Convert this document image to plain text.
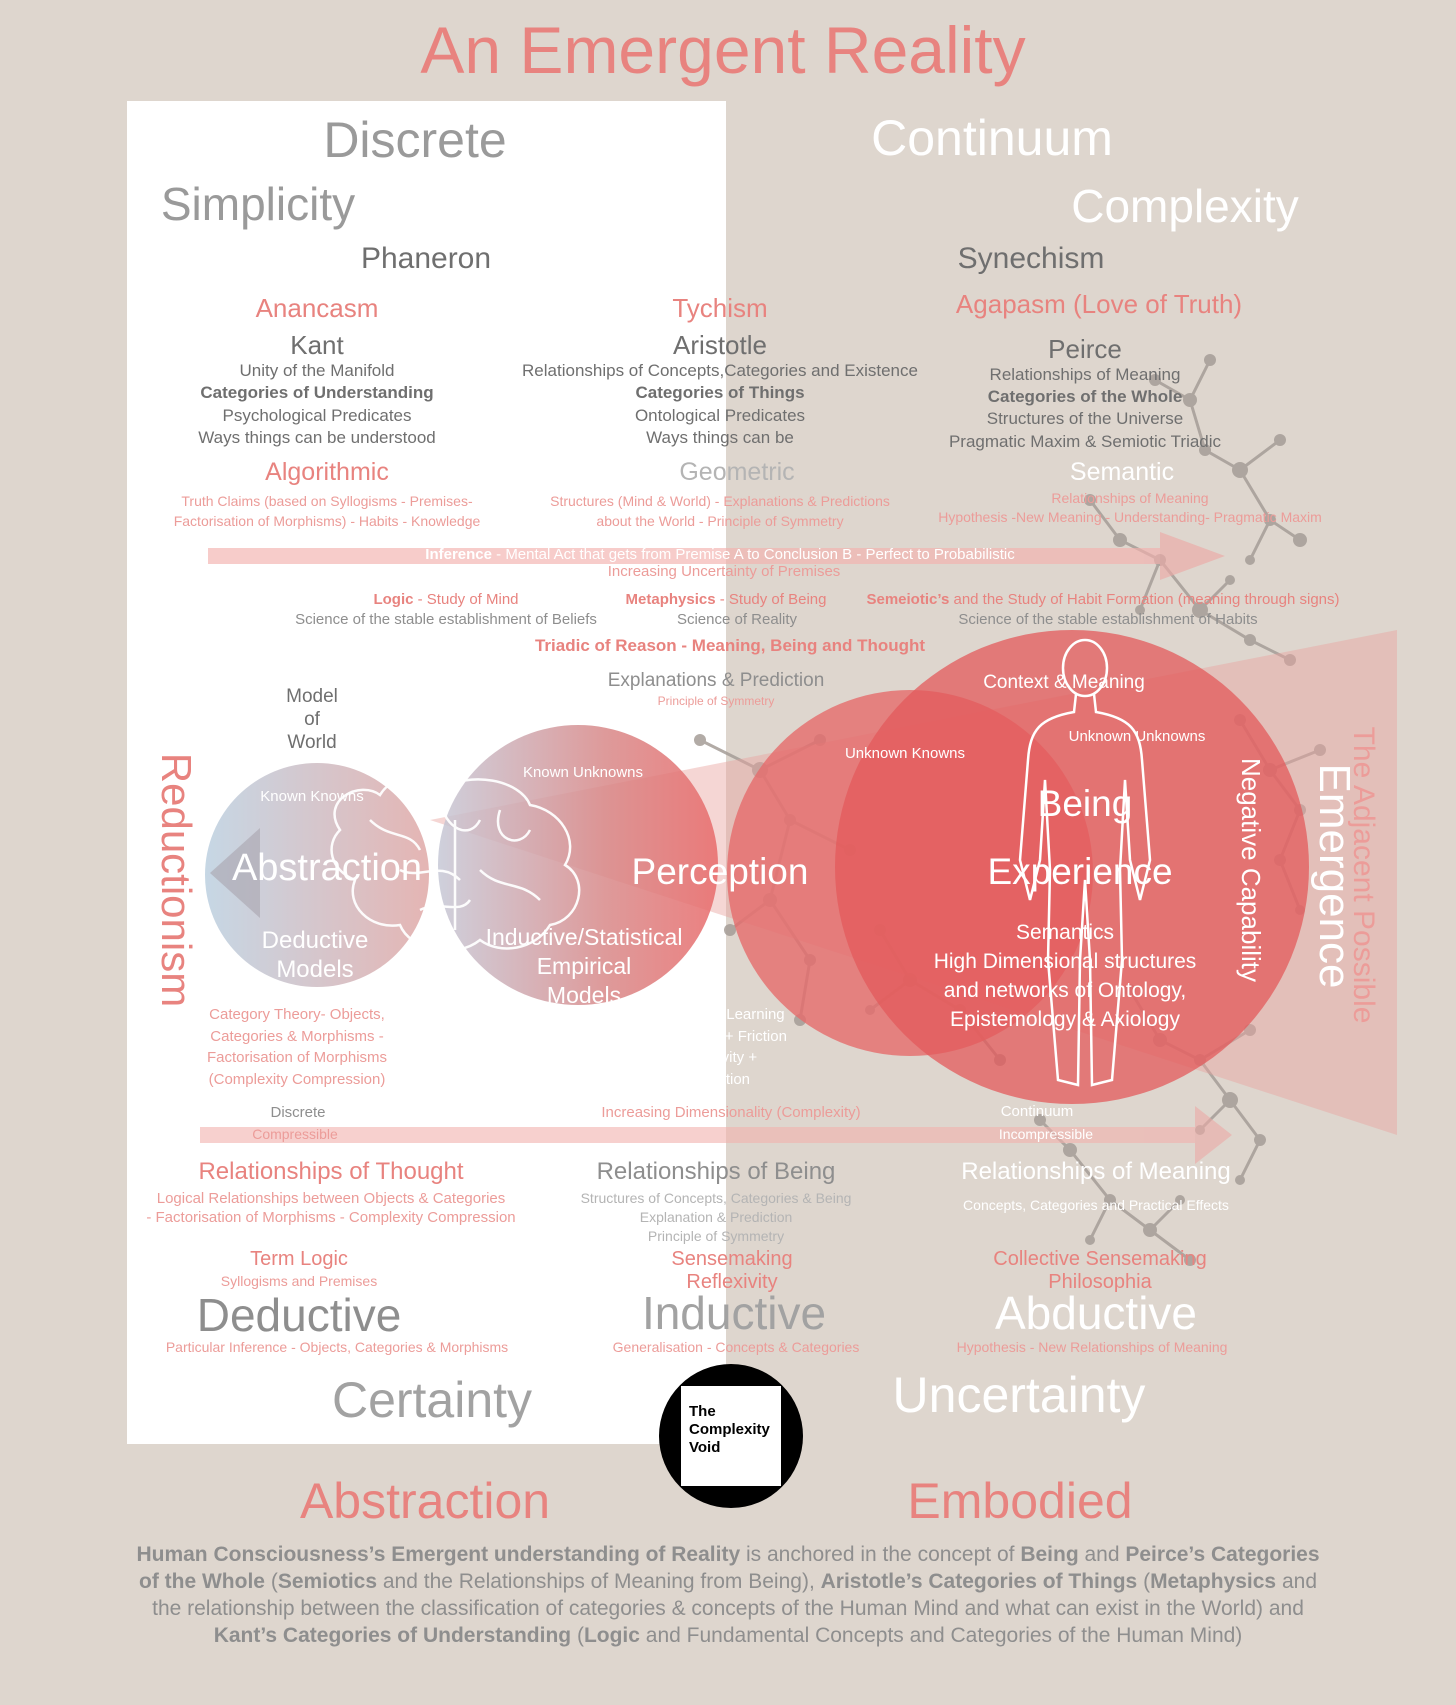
An Emergent Reality
Discrete	Continuum
Simplicity	Complexity
Phaneron	Synechism
Anancasm
Kant
Unity of the Manifold
Categories of Understanding
Psychological Predicates
Ways things can be understood
Algorithmic
Truth Claims (based on Syllogisms - Premises-
Factorisation of Morphisms) - Habits - Knowledge
Tychism
Aristotle
Relationships of Concepts,Categories and Existence
Categories of Things
Ontological Predicates
Ways things can be
Geometric
Structures (Mind & World) - Explanations & Predictions
about the World - Principle of Symmetry
Agapasm (Love of Truth)
Peirce
Relationships of Meaning
Categories of the Whole
Structures of the Universe
Pragmatic Maxim & Semiotic Triadic
Semantic
Relationships of Meaning
Hypothesis -New Meaning - Understanding- Pragmatic Maxim
Inference - Mental Act that gets from Premise A to Conclusion B - Perfect to Probabilistic
Increasing Uncertainty of Premises
Logic - Study of Mind
Science of the stable establishment of Beliefs
Metaphysics - Study of Being
Science of Reality
Semeiotic’s and the Study of Habit Formation (meaning through signs)
Science of the stable establishment of Habits
Triadic of Reason - Meaning, Being and Thought
Explanations & Prediction
Principle of Symmetry
Model
of
World
Reductionism	Emergence
The Adjacent Possible
Negative Capability
Known Knowns
Abstraction
Deductive
Models
Known Unknowns
Perception
Inductive/Statistical
Empirical
Models
Unknown Knowns
Context & Meaning
Unknown Unknowns
Being
Experience
Semantics
High Dimensional structures
and networks of Ontology,
Epistemology & Axiology
Category Theory- Objects,
Categories & Morphisms -
Factorisation of Morphisms
(Complexity Compression)
Autopoeisis - Learning
Loop - Action + Friction
+ Reflexivity +
Modification
Discrete
Compressible
Increasing Dimensionality (Complexity)	Continuum
Incompressible
Relationships of Thought
Logical Relationships between Objects & Categories
- Factorisation of Morphisms - Complexity Compression
Relationships of Being
Structures of Concepts, Categories & Being
Explanation & Prediction
Principle of Symmetry
Relationships of Meaning
Concepts, Categories and Practical Effects
Term Logic
Syllogisms and Premises
Sensemaking
Reflexivity
Collective Sensemaking
Philosophia
Deductive
Particular Inference - Objects, Categories & Morphisms
Inductive
Generalisation - Concepts & Categories
Abductive
Hypothesis - New Relationships of Meaning
Certainty	Uncertainty
The
Complexity
Void
Abstraction	Embodied
Human Consciousness’s Emergent understanding of Reality is anchored in the concept of Being and Peirce’s Categories of the Whole (Semiotics and the Relationships of Meaning from Being), Aristotle’s Categories of Things (Metaphysics and the relationship between the classification of categories & concepts of the Human Mind and what can exist in the World) and Kant’s Categories of Understanding (Logic and Fundamental Concepts and Categories of the Human Mind)
